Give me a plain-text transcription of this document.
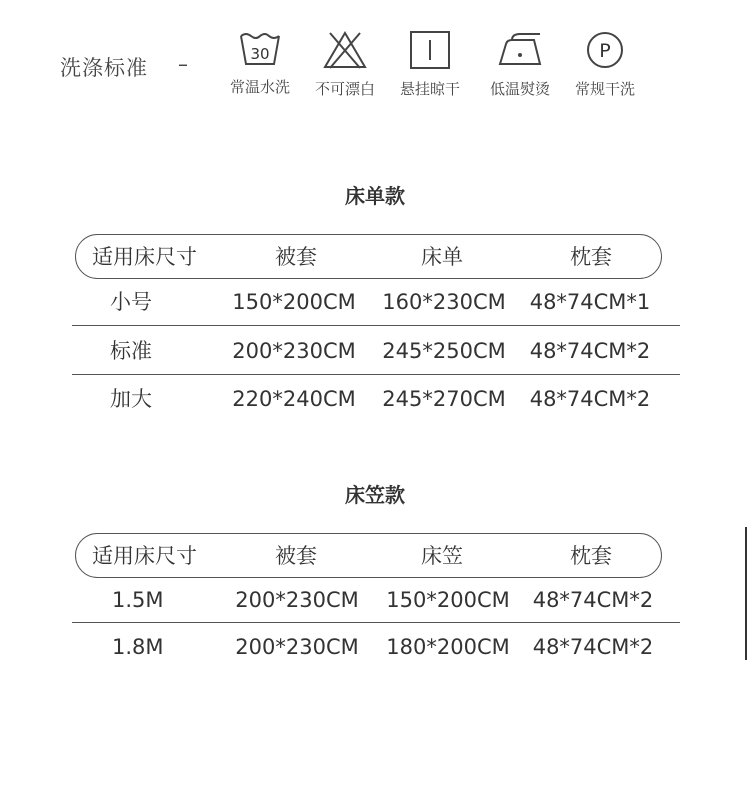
洗涤标准 –	30
常温水洗	不可漂白	悬挂晾干	低温熨烫
P
常规干洗
床单款
适用床尺寸	被套	床单	枕套
小号	150*200CM 160*230CM 48*74CM*1
标准	200*230CM 245*250CM 48*74CM*2
加大	220*240CM 245*270CM 48*74CM*2
床笠款
适用床尺寸	被套	床笠	枕套
1.5M	200*230CM 150*200CM 48*74CM*2
1.8M	200*230CM 180*200CM 48*74CM*2
